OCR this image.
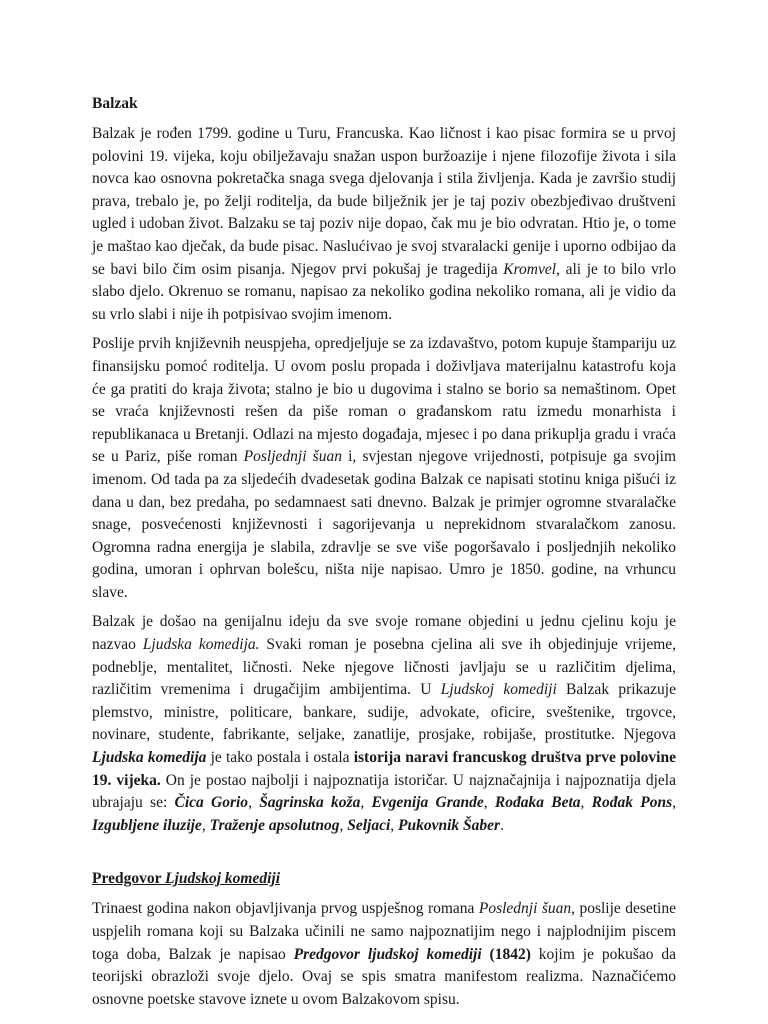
Balzak

Balzak je rođen 1799. godine u Turu, Francuska. Kao ličnost i kao pisac formira se u prvoj polovini 19. vijeka, koju obilježavaju snažan uspon buržoazije i njene filozofije života i sila novca kao osnovna pokretačka snaga svega djelovanja i stila življenja. Kada je završio studij prava, trebalo je, po želji roditelja, da bude bilježnik jer je taj poziv obezbjeđivao društveni ugled i udoban život. Balzaku se taj poziv nije dopao, čak mu je bio odvratan. Htio je, o tome je maštao kao dječak, da bude pisac. Naslućivao je svoj stvaralacki genije i uporno odbijao da se bavi bilo čim osim pisanja. Njegov prvi pokušaj je tragedija Kromvel, ali je to bilo vrlo slabo djelo. Okrenuo se romanu, napisao za nekoliko godina nekoliko romana, ali je vidio da su vrlo slabi i nije ih potpisivao svojim imenom.

Poslije prvih književnih neuspjeha, opredjeljuje se za izdavaštvo, potom kupuje štampariju uz finansijsku pomoć roditelja. U ovom poslu propada i doživljava materijalnu katastrofu koja će ga pratiti do kraja života; stalno je bio u dugovima i stalno se borio sa nemaštinom. Opet se vraća književnosti rešen da piše roman o građanskom ratu izmedu monarhista i republikanaca u Bretanji. Odlazi na mjesto događaja, mjesec i po dana prikuplja gradu i vraća se u Pariz, piše roman Posljednji šuan i, svjestan njegove vrijednosti, potpisuje ga svojim imenom. Od tada pa za sljedećih dvadesetak godina Balzak ce napisati stotinu kniga pišući iz dana u dan, bez predaha, po sedamnaest sati dnevno. Balzak je primjer ogromne stvaralačke snage, posvećenosti književnosti i sagorijevanja u neprekidnom stvaralačkom zanosu. Ogromna radna energija je slabila, zdravlje se sve više pogoršavalo i posljednjih nekoliko godina, umoran i ophrvan bolešcu, ništa nije napisao. Umro je 1850. godine, na vrhuncu slave.

Balzak je došao na genijalnu ideju da sve svoje romane objedini u jednu cjelinu koju je nazvao Ljudska komedija. Svaki roman je posebna cjelina ali sve ih objedinjuje vrijeme, podneblje, mentalitet, ličnosti. Neke njegove ličnosti javljaju se u različitim djelima, različitim vremenima i drugačijim ambijentima. U Ljudskoj komediji Balzak prikazuje plemstvo, ministre, politicare, bankare, sudije, advokate, oficire, sveštenike, trgovce, novinare, studente, fabrikante, seljake, zanatlije, prosjake, robijaše, prostitutke. Njegova Ljudska komedija je tako postala i ostala istorija naravi francuskog društva prve polovine 19. vijeka. On je postao najbolji i najpoznatija istoričar. U najznačajnija i najpoznatija djela ubrajaju se: Čica Gorio, Šagrinska koža, Evgenija Grande, Rođaka Beta, Rođak Pons, Izgubljene iluzije, Traženje apsolutnog, Seljaci, Pukovnik Šaber.

Predgovor Ljudskoj komediji

Trinaest godina nakon objavljivanja prvog uspješnog romana Poslednji šuan, poslije desetine uspjelih romana koji su Balzaka učinili ne samo najpoznatijim nego i najplodnijim piscem toga doba, Balzak je napisao Predgovor ljudskoj komediji (1842) kojim je pokušao da teorijski obrazloži svoje djelo. Ovaj se spis smatra manifestom realizma. Naznačićemo osnovne poetske stavove iznete u ovom Balzakovom spisu.
